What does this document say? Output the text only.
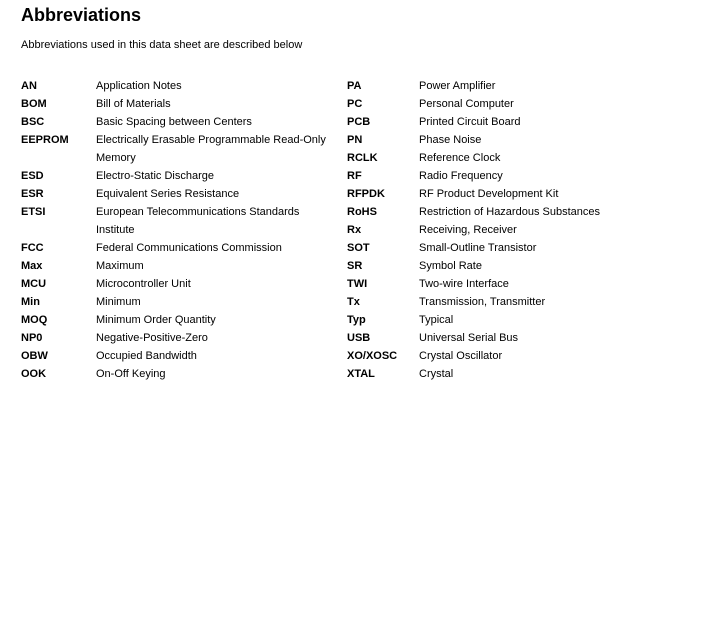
Abbreviations
Abbreviations used in this data sheet are described below
AN	Application Notes
BOM	Bill of Materials
BSC	Basic Spacing between Centers
EEPROM	Electrically Erasable Programmable Read-Only
Memory
ESD	Electro-Static Discharge
ESR	Equivalent Series Resistance
ETSI	European Telecommunications Standards
Institute
FCC	Federal Communications Commission
Max	Maximum
MCU	Microcontroller Unit
Min	Minimum
MOQ	Minimum Order Quantity
NP0	Negative-Positive-Zero
OBW	Occupied Bandwidth
OOK	On-Off Keying
PA	Power Amplifier
PC	Personal Computer
PCB	Printed Circuit Board
PN	Phase Noise
RCLK	Reference Clock
RF	Radio Frequency
RFPDK	RF Product Development Kit
RoHS	Restriction of Hazardous Substances
Rx	Receiving, Receiver
SOT	Small-Outline Transistor
SR	Symbol Rate
TWI	Two-wire Interface
Tx	Transmission, Transmitter
Typ	Typical
USB	Universal Serial Bus
XO/XOSC	Crystal Oscillator
XTAL	Crystal
